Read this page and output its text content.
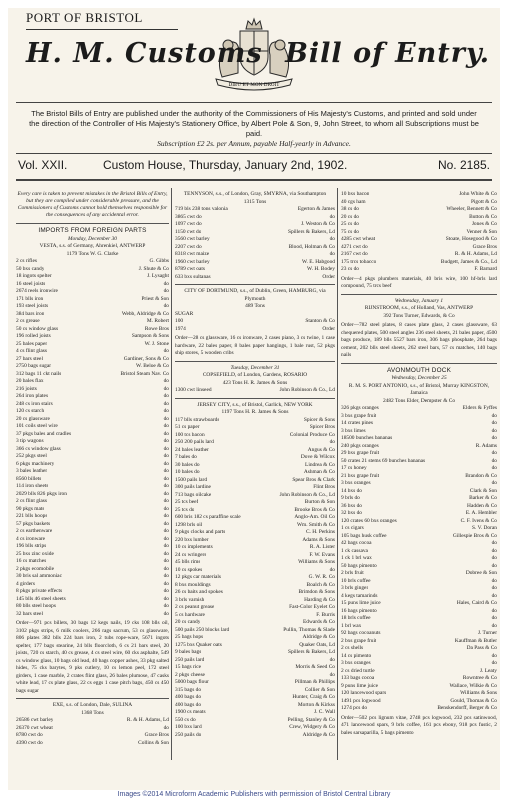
PORT OF BRISTOL
DIEU ET MON DROIT
H. M. Customs Bill of Entry.
The Bristol Bills of Entry are published under the authority of the Commissioners of His Majesty's Customs, and printed and sold under the direction of the Controller of His Majesty's Stationery Office, by Albert Pole & Son, 9, John Street, to whom all Subscriptions must be paid.
Subscription £2 2s. per Annum, payable Half-yearly in Advance.
Vol. XXII.	Custom House, Thursday, January 2nd, 1902.	No. 2185.
Every care is taken to prevent mistakes in the Bristol Bills of Entry, but they are compiled under considerable pressure, and the Commissioners of Customs cannot hold themselves responsible for the consequences of any accidental error.
IMPORTS FROM FOREIGN PARTS
Monday, December 30
VESTA, s.s. of Germany, Ahrenkiel, ANTWERP
1179 Tons W. G. Clarke
2 cs rifles	G. Gibbs
50 bxs candy	J. Shute & Co
18 ingots spelter	J. Lysaght
16 steel joists	do
2674 reels ironwire	do
171 blls iron	Priest & Son
193 steel joists	do
384 bars iron	Webb, Aldridge & Co
2 cs grease	M. Robert
50 cs window glass	Rowe Bros
196 rolled joists	Sampson & Sons
25 bales paper	W. J. Stone
4 cs flint glass	do
27 bars steel	Gardiner, Sons & Co
2750 bags sugar	W. Beloe & Co
312 bags 11 ckt nails	Bristol Steam Nav. Co
20 bales flax	do
216 joists	do
264 iron plates	do
248 cs iron stairs	do
120 cs starch	do
20 cs glassware	do
101 coils steel wire	do
37 pkgs bales and cradles	do
3 tip wagons	do
366 cs window glass	do
252 pkgs steel	do
6 pkgs machinery	do
3 bales leather	do
8560 billets	do
114 iron sheets	do
2029 blls 826 pkgs iron	do
2 cs flint glass	do
90 pkgs mats	do
221 blls hoops	do
57 pkgs baskets	do
2 cs earthenware	do
4 cs ironware	do
196 blls strips	do
25 bxs zinc oxide	do
16 cs matches	do
2 pkgs ecomobile	do
30 bris sal ammoniac	do
4 girders	do
8 pkgs private effects	do
145 blls 46 steel sheets	do
80 blls steel hoops	do
32 bars steel	do
Order—971 pcs billets, 30 bags 12 kegs nails, 19 cks 108 blls oil, 3102 pkgs strips, 6 milk coolers, 266 rags sacrum, 53 cs glassware, 806 plates 382 blls 224 bars iron, 2 tubs rope-ware, 5671 ingots spelter, 177 bags stearine, 24 blls floorcloth, 6 cs 21 bars steel, 20 joists, 720 cs starch, 40 cs grease, 4 cs steel wire, 60 cks asphalte, 549 cs window glass, 10 bags old lead, 40 bags copper ashes, 33 pkg salted hides, 75 cks barytes, 9 pks cutlery, 10 cs lemon peel, 172 steel girders, 1 case marble, 2 crates flint glass, 26 bales plumose, 47 casks white lead, 17 cs plate glass, 22 cs eggs 1 case pitch bags, 450 cs 450 bags sugar
EXE, s.s. of London, Dale, SULINA
1368 Tons
26586 cwt barley	R. & H. Adams, Ld
26370 cwt wheat	do
8780 cwt do	Grace Bros
4390 cwt do	Collins & Son
TENNYSON, s.s., of London, Gray, SMYRNA, via Southampton
1315 Tons
719 bls 238 tons valonia	Egerton & James
3865 cwt do	do
1097 cwt do	J. Weston & Co
1150 cwt do	Spillers & Bakers, Ld
3560 cwt barley	do
2207 cwt do	Blood, Holman & Co
8318 cwt maize	do
1960 cwt barley	W. E. Habgood
8789 cwt oats	W. H. Bodey
633 bxs sultanas	Order
CITY OF DORTMUND, s.s., of Dublin, Green, HAMBURG, via Plymouth
489 Tons
SUGAR
100	Stanton & Co
1974	Order
Order—28 cs glassware, 16 cs ironware, 2 cases piano, 3 cs twine, 1 case hardware, 22 bales paper, 8 bales paper hangings, 1 bale rust, 52 pkgs ship stores, 5 wooden cribs
Tuesday, December 31
COPSEFIELD, of London, Gardens, ROSARIO
423 Tons H. R. James & Sons
1300 cwt linseed	John Robinson & Co., Ld
JERSEY CITY, s.s., of Bristol, Garlick, NEW YORK
1197 Tons H. R. James & Sons
117 blls strawboards	Spicer & Sons
51 cs paper	Spicer Bros
100 tcs bacon	Colonial Produce Co
250 200 pails lard	do
24 bales leather	Angus & Co
7 bales do	Dove & Wilcox
30 bales do	Lindrea & Co
10 bales do	Ashman & Co
1500 pails lard	Spear Bros & Clark
300 pails lardine	Flint Bros
713 bags oilcake	John Robinson & Co., Ld
25 tcs beef	Burton & Son
25 tcs do	Brooke Bros & Co
600 bris 182 cs paraffine scale	Anglo-Am. Oil Co
1298 brls oil	Wm. Smith & Co
9 pkgs clocks and parts	C. H. Perkins
220 bxs lumber	Adams & Sons
10 cs implements	R. A. Lister
24 cs wringers	F. W. Evans
45 blls rims	Williams & Sons
10 cs spokes	do
12 pkgs car materials	G. W. R. Co
8 bxs mouldings	Boalch & Co
26 cs baits and spokes	Brimdon & Sons
3 brls varnish	Harding & Co
2 cs peanut grease	Fast-Color Eyelet Co
5 cs hardware	F. Burris
20 cs candy	Edwards & Co
500 pails 250 blocks lard	Pullin, Thomas & Slade
25 bags hops	Aldridge & Co
1275 bxs Quaker oats	Quaker Oats, Ld
9 bales bags	Spillers & Bakers, Ld
250 pails lard	do
15 bags rice	Morris & Seed Co
2 pkgs cheese	do
5000 bags flour	Pillman & Phillips
315 bags do	Collier & Son
400 bags do	Hunter, Craig & Co
400 bags do	Morton & Kirkss
1900 cs meats	J. C. Wall
550 cs do	Pelling, Stanley & Co
100 bxs lard	Crew, Widgery & Co
250 pails do	Aldridge & Co
10 bxs bacon	John White & Co
40 cgs ham	Pigott & Co
38 cs do	Wheeler, Bennett & Co
20 cs do	Button & Co
25 cs do	Jones & Co
75 cs do	Venner & Son
4285 cwt wheat	Stoate, Hosegood & Co
4271 cwt do	Grace Bros
2167 cwt do	R. & H. Adams, Ld
175 trcs tobacco	Budgett, James & Co., Ld
23 cs do	F. Barnard
Order—4 pkgs plumbers materials, 40 bris wire, 100 hf-brls lard compound, 75 trcs beef
Wednesday, January 1
RIJNSTROOM, s.s., of Holland, Vas, ANTWERP
392 Tons Turner, Edwards, & Co
Order—782 steel plates, 8 cases plate glass, 2 cases glassware, 63 chequered plates, 500 steel angles 236 steel sheets, 21 bales paper, 4500 bags produce, 189 blls 5527 bars iron, 306 bags phosphate, 264 bags cement, 202 blls steel sheets, 262 steel bars, 57 cs matches, 140 bags nails
AVONMOUTH DOCK
Wednesday, December 25
R. M. S. PORT ANTONIO, s.s., of Bristol, Murray KINGSTON, Jamaica
2482 Tons Elder, Dempster & Co
326 pkgs oranges	Elders & Fyffes
3 bxs grape fruit	do
14 crates pines	do
3 bxs limes	do
18500 bunches bananas	do
240 pkgs oranges	R. Adams
29 bxs grape fruit	do
50 crates 21 stems 69 bunches bananas	do
17 cs honey	do
21 bxs grape fruit	Brandon & Co
3 bxs oranges	do
14 bxs do	Clark & Son
9 brls do	Barker & Co
36 bxs do	Hadden & Co
32 bxs do	E. A. Hembler
120 crates 60 bxs oranges	C. F. Ivens & Co
1 cs cigars	S. V. Doran
105 bags husk coffee	Gillespie Bros & Co
42 bags cocoa	do
1 ck cassava	do
1 ck 1 brl wax	do
50 bags pimento	do
2 brls fruit	Dobree & Son
10 brls coffee	do
3 brls ginger	do
4 kegs tamarinds	do
15 puns lime juice	Hales, Caird & Co
16 bags pimento	do
18 brls coffee	do
1 brl wax	do
92 bags cocoanuts	J. Turner
2 bxs grape fruit	Kauffman & Butler
2 cs shells	Da Pass & Co
14 cs pimento	do
3 bxs oranges	do
2 cs dried turtle	J. Leaty
133 bags cocoa	Rowntree & Co
9 puns lime juice	Wallace, Wilkie & Co
120 lancewood spars	Williams & Sons
1491 pcs logwood	Gould, Thomas & Co
1274 pcs do	Benskendorff, Berger & Co
Order—502 pcs lignum vitae, 2748 pcs logwood, 232 pcs satinwood, 471 lancewood spars, 9 brls coffee, 161 pcs ebony, 918 pcs fustic, 2 bales sarsaparilla, 5 bags pimento
Images ©2014 Microform Academic Publishers with permission of Bristol Central Library
